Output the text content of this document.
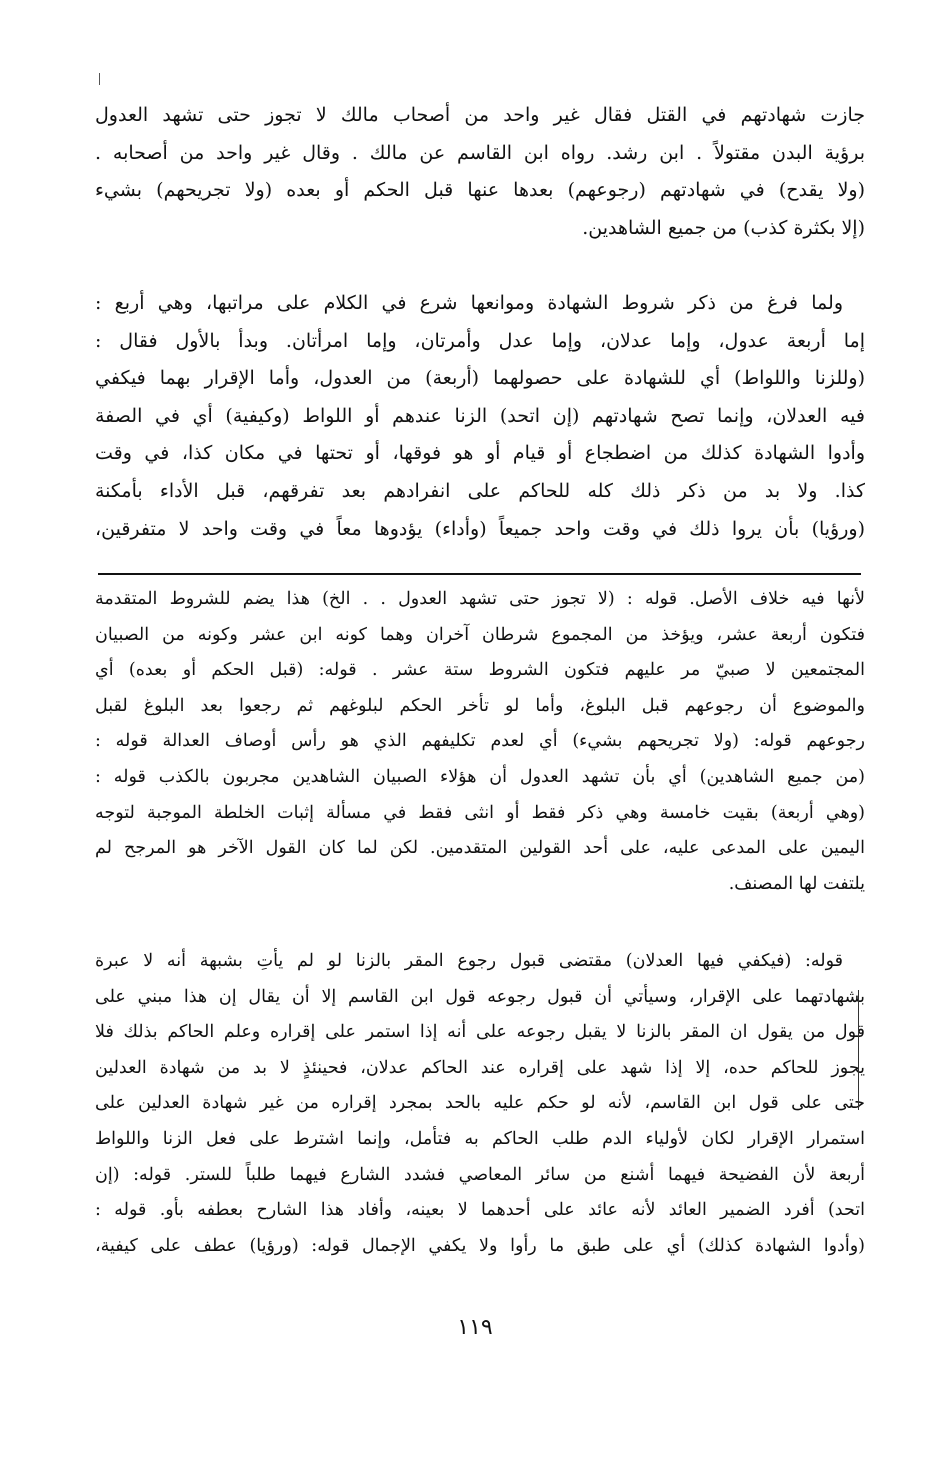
جازت شهادتهم في القتل فقال غير واحد من أصحاب مالك لا تجوز حتى تشهد العدول
برؤية البدن مقتولاً . ابن رشد. رواه ابن القاسم عن مالك . وقال غير واحد من أصحابه .
(ولا يقدح) في شهادتهم (رجوعهم) بعدها عنها قبل الحكم أو بعده (ولا تجريحهم) بشيء
(إلا بكثرة كذب) من جميع الشاهدين.
ولما فرغ من ذكر شروط الشهادة وموانعها شرع في الكلام على مراتبها، وهي أربع :
إما أربعة عدول، وإما عدلان، وإما عدل وأمرتان، وإما امرأتان. وبدأ بالأول فقال :
(وللزنا واللواط) أي للشهادة على حصولهما (أربعة) من العدول، وأما الإقرار بهما فيكفي
فيه العدلان، وإنما تصح شهادتهم (إن اتحد) الزنا عندهم أو اللواط (وكيفية) أي في الصفة
وأدوا الشهادة كذلك من اضطجاع أو قيام أو هو فوقها، أو تحتها في مكان كذا، في وقت
كذا. ولا بد من ذكر ذلك كله للحاكم على انفرادهم بعد تفرقهم، قبل الأداء بأمكنة
(ورؤيا) بأن يروا ذلك في وقت واحد جميعاً (وأداء) يؤدوها معاً في وقت واحد لا متفرقين،
لأنها فيه خلاف الأصل. قوله : (لا تجوز حتى تشهد العدول . . الخ) هذا يضم للشروط المتقدمة
فتكون أربعة عشر، ويؤخذ من المجموع شرطان آخران وهما كونه ابن عشر وكونه من الصبيان
المجتمعين لا صبيّ مر عليهم فتكون الشروط ستة عشر . قوله: (قبل الحكم أو بعده) أي
والموضوع أن رجوعهم قبل البلوغ، وأما لو تأخر الحكم لبلوغهم ثم رجعوا بعد البلوغ لقبل
رجوعهم قوله: (ولا تجريحهم بشيء) أي لعدم تكليفهم الذي هو رأس أوصاف العدالة قوله :
(من جميع الشاهدين) أي بأن تشهد العدول أن هؤلاء الصبيان الشاهدين مجربون بالكذب قوله :
(وهي أربعة) بقيت خامسة وهي ذكر فقط أو انثى فقط في مسألة إثبات الخلطة الموجبة لتوجه
اليمين على المدعى عليه، على أحد القولين المتقدمين. لكن لما كان القول الآخر هو المرجح لم
يلتفت لها المصنف.
قوله: (فيكفي فيها العدلان) مقتضى قبول رجوع المقر بالزنا لو لم يأتِ بشبهة أنه لا عبرة
بشهادتهما على الإقرار، وسيأتي أن قبول رجوعه قول ابن القاسم إلا أن يقال إن هذا مبني على
قول من يقول ان المقر بالزنا لا يقبل رجوعه على أنه إذا استمر على إقراره وعلم الحاكم بذلك فلا
يجوز للحاكم حده، إلا إذا شهد على إقراره عند الحاكم عدلان، فحينئذٍ لا بد من شهادة العدلين
حتى على قول ابن القاسم، لأنه لو حكم عليه بالحد بمجرد إقراره من غير شهادة العدلين على
استمرار الإقرار لكان لأولياء الدم طلب الحاكم به فتأمل، وإنما اشترط على فعل الزنا واللواط
أربعة لأن الفضيحة فيهما أشنع من سائر المعاصي فشدد الشارع فيهما طلباً للستر. قوله: (إن
اتحد) أفرد الضمير العائد لأنه عائد على أحدهما لا بعينه، وأفاد هذا الشارح بعطفه بأو. قوله :
(وأدوا الشهادة كذلك) أي على طبق ما رأوا ولا يكفي الإجمال قوله: (ورؤيا) عطف على كيفية،
١١٩
